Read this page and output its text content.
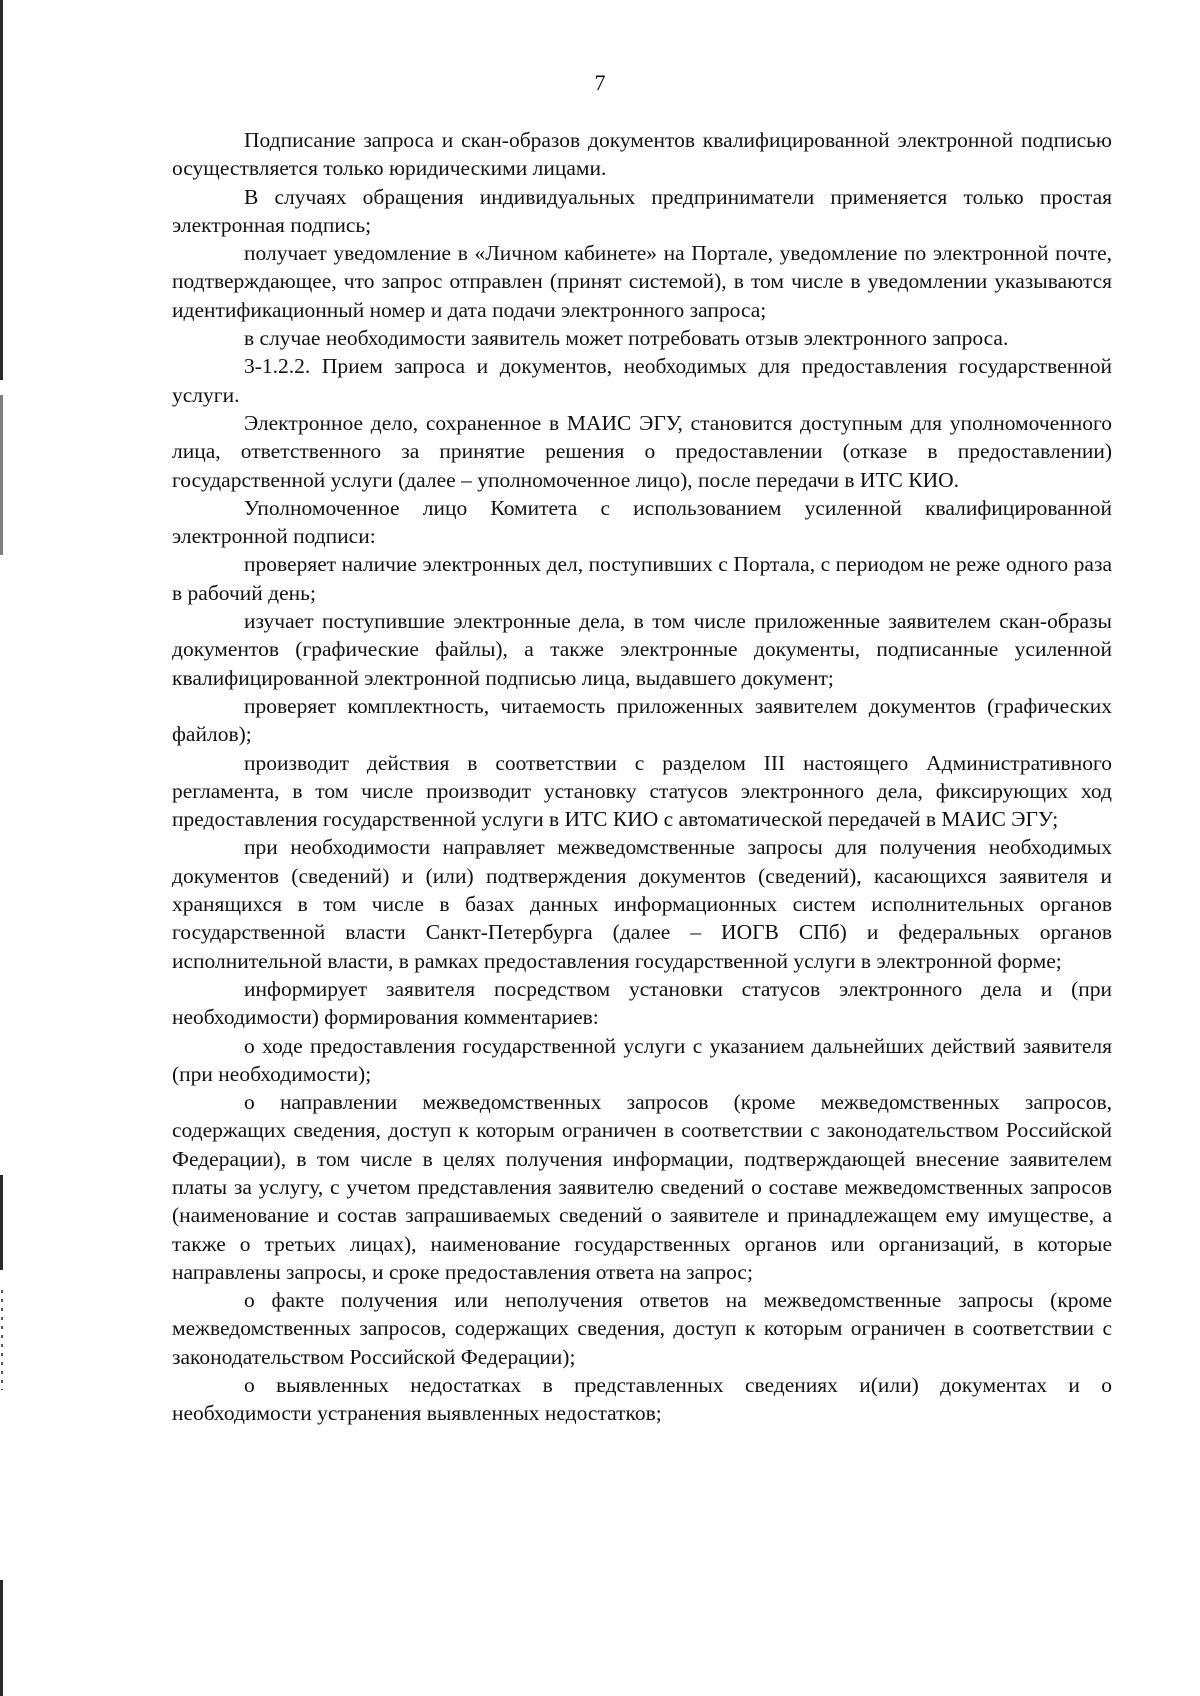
7

Подписание запроса и скан-образов документов квалифицированной электронной подписью осуществляется только юридическими лицами.

В случаях обращения индивидуальных предприниматели применяется только простая электронная подпись;

получает уведомление в «Личном кабинете» на Портале, уведомление по электронной почте, подтверждающее, что запрос отправлен (принят системой), в том числе в уведомлении указываются идентификационный номер и дата подачи электронного запроса;

в случае необходимости заявитель может потребовать отзыв электронного запроса.

3-1.2.2. Прием запроса и документов, необходимых для предоставления государственной услуги.

Электронное дело, сохраненное в МАИС ЭГУ, становится доступным для уполномоченного лица, ответственного за принятие решения о предоставлении (отказе в предоставлении) государственной услуги (далее – уполномоченное лицо), после передачи в ИТС КИО.

Уполномоченное лицо Комитета с использованием усиленной квалифицированной электронной подписи:

проверяет наличие электронных дел, поступивших с Портала, с периодом не реже одного раза в рабочий день;

изучает поступившие электронные дела, в том числе приложенные заявителем скан-образы документов (графические файлы), а также электронные документы, подписанные усиленной квалифицированной электронной подписью лица, выдавшего документ;

проверяет комплектность, читаемость приложенных заявителем документов (графических файлов);

производит действия в соответствии с разделом III настоящего Административного регламента, в том числе производит установку статусов электронного дела, фиксирующих ход предоставления государственной услуги в ИТС КИО с автоматической передачей в МАИС ЭГУ;

при необходимости направляет межведомственные запросы для получения необходимых документов (сведений) и (или) подтверждения документов (сведений), касающихся заявителя и хранящихся в том числе в базах данных информационных систем исполнительных органов государственной власти Санкт-Петербурга (далее – ИОГВ СПб) и федеральных органов исполнительной власти, в рамках предоставления государственной услуги в электронной форме;

информирует заявителя посредством установки статусов электронного дела и (при необходимости) формирования комментариев:

о ходе предоставления государственной услуги с указанием дальнейших действий заявителя (при необходимости);

о направлении межведомственных запросов (кроме межведомственных запросов, содержащих сведения, доступ к которым ограничен в соответствии с законодательством Российской Федерации), в том числе в целях получения информации, подтверждающей внесение заявителем платы за услугу, с учетом представления заявителю сведений о составе межведомственных запросов (наименование и состав запрашиваемых сведений о заявителе и принадлежащем ему имуществе, а также о третьих лицах), наименование государственных органов или организаций, в которые направлены запросы, и сроке предоставления ответа на запрос;

о факте получения или неполучения ответов на межведомственные запросы (кроме межведомственных запросов, содержащих сведения, доступ к которым ограничен в соответствии с законодательством Российской Федерации);

о выявленных недостатках в представленных сведениях и(или) документах и о необходимости устранения выявленных недостатков;
